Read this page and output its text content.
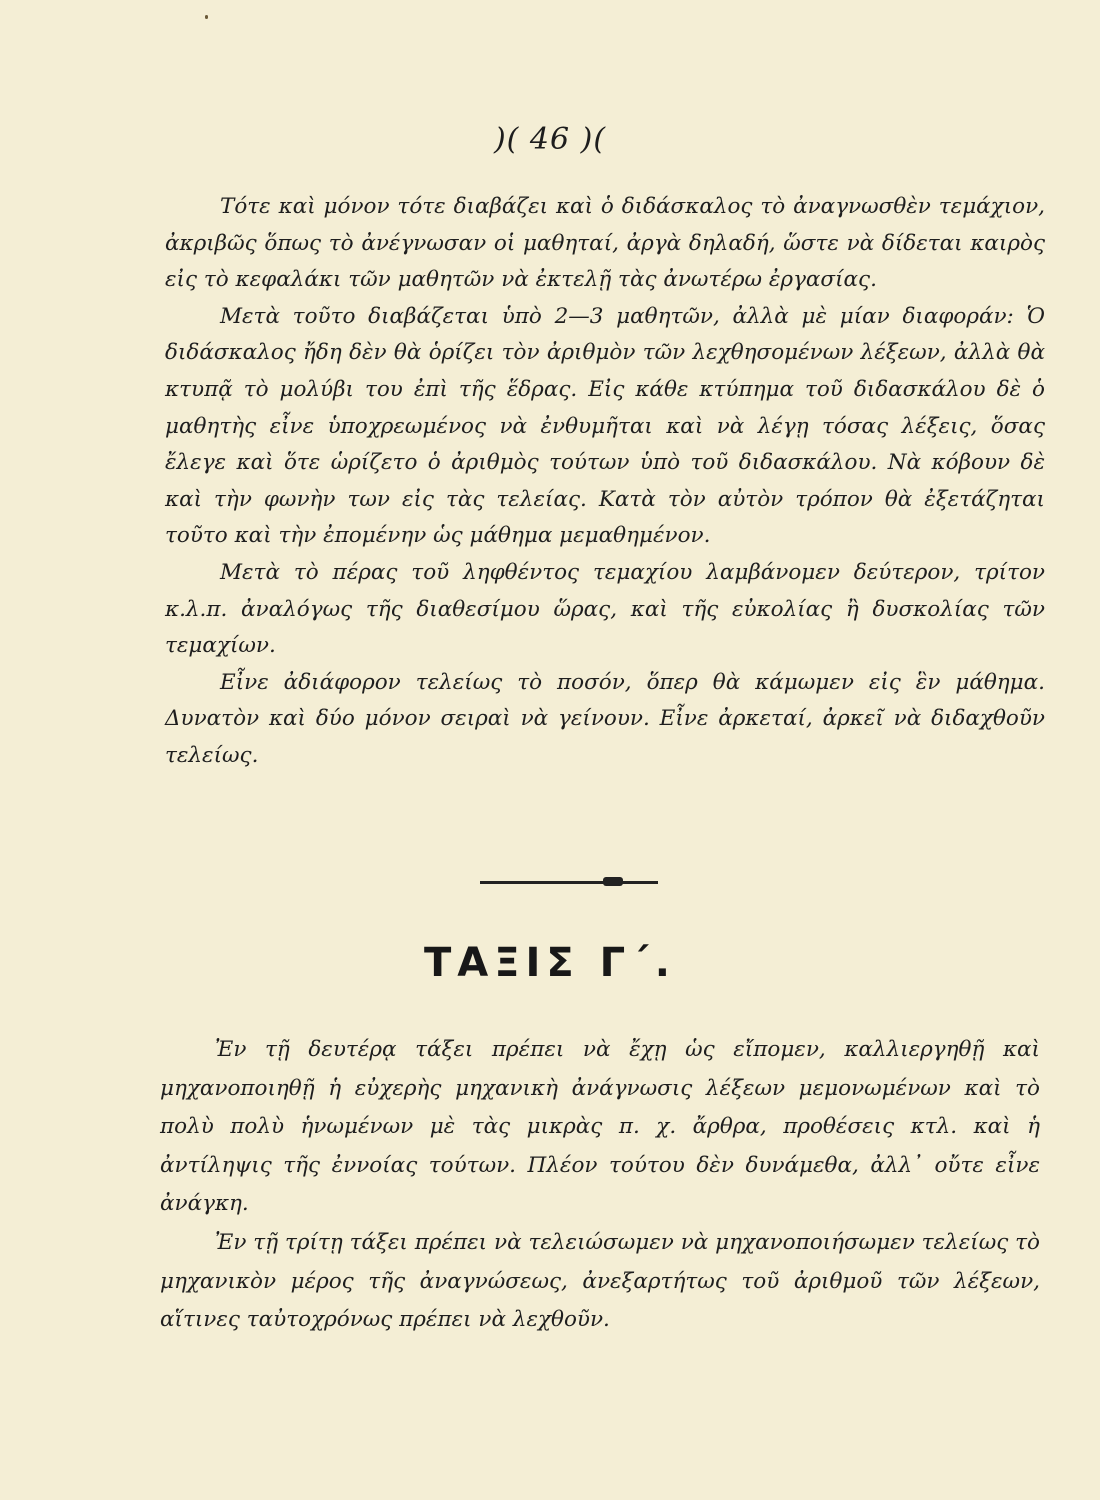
)( 46 )(

Τότε καὶ μόνον τότε διαβάζει καὶ ὁ διδάσκαλος τὸ ἀναγνωσθὲν τεμάχιον, ἀκριβῶς ὅπως τὸ ἀνέγνωσαν οἱ μαθηταί, ἀργὰ δηλαδή, ὥστε νὰ δίδεται καιρὸς εἰς τὸ κεφαλάκι τῶν μαθητῶν νὰ ἐκτελῇ τὰς ἀνωτέρω ἐργασίας.

Μετὰ τοῦτο διαβάζεται ὑπὸ 2—3 μαθητῶν, ἀλλὰ μὲ μίαν διαφοράν: Ὁ διδάσκαλος ἤδη δὲν θὰ ὁρίζει τὸν ἀριθμὸν τῶν λεχθησομένων λέξεων, ἀλλὰ θὰ κτυπᾷ τὸ μολύβι του ἐπὶ τῆς ἕδρας. Εἰς κάθε κτύπημα τοῦ διδασκάλου δὲ ὁ μαθητὴς εἶνε ὑποχρεωμένος νὰ ἐνθυμῆται καὶ νὰ λέγῃ τόσας λέξεις, ὅσας ἔλεγε καὶ ὅτε ὡρίζετο ὁ ἀριθμὸς τούτων ὑπὸ τοῦ διδασκάλου. Νὰ κόβουν δὲ καὶ τὴν φωνὴν των εἰς τὰς τελείας. Κατὰ τὸν αὐτὸν τρόπον θὰ ἐξετάζηται τοῦτο καὶ τὴν ἐπομένην ὡς μάθημα μεμαθημένον.

Μετὰ τὸ πέρας τοῦ ληφθέντος τεμαχίου λαμβάνομεν δεύτερον, τρίτον κ.λ.π. ἀναλόγως τῆς διαθεσίμου ὥρας, καὶ τῆς εὐκολίας ἢ δυσκολίας τῶν τεμαχίων.

Εἶνε ἀδιάφορον τελείως τὸ ποσόν, ὅπερ θὰ κάμωμεν εἰς ἓν μάθημα. Δυνατὸν καὶ δύο μόνον σειραὶ νὰ γείνουν. Εἶνε ἀρκεταί, ἀρκεῖ νὰ διδαχθοῦν τελείως.

ΤΑΞΙΣ Γ΄.

Ἐν τῇ δευτέρᾳ τάξει πρέπει νὰ ἔχῃ ὡς εἴπομεν, καλλιεργηθῇ καὶ μηχανοποιηθῇ ἡ εὐχερὴς μηχανικὴ ἀνάγνωσις λέξεων μεμονωμένων καὶ τὸ πολὺ πολὺ ἡνωμένων μὲ τὰς μικρὰς π. χ. ἄρθρα, προθέσεις κτλ. καὶ ἡ ἀντίληψις τῆς ἐννοίας τούτων. Πλέον τούτου δὲν δυνάμεθα, ἀλλ᾽ οὔτε εἶνε ἀνάγκη.

Ἐν τῇ τρίτῃ τάξει πρέπει νὰ τελειώσωμεν νὰ μηχανοποιήσωμεν τελείως τὸ μηχανικὸν μέρος τῆς ἀναγνώσεως, ἀνεξαρτήτως τοῦ ἀριθμοῦ τῶν λέξεων, αἵτινες ταὐτοχρόνως πρέπει νὰ λεχθοῦν.
